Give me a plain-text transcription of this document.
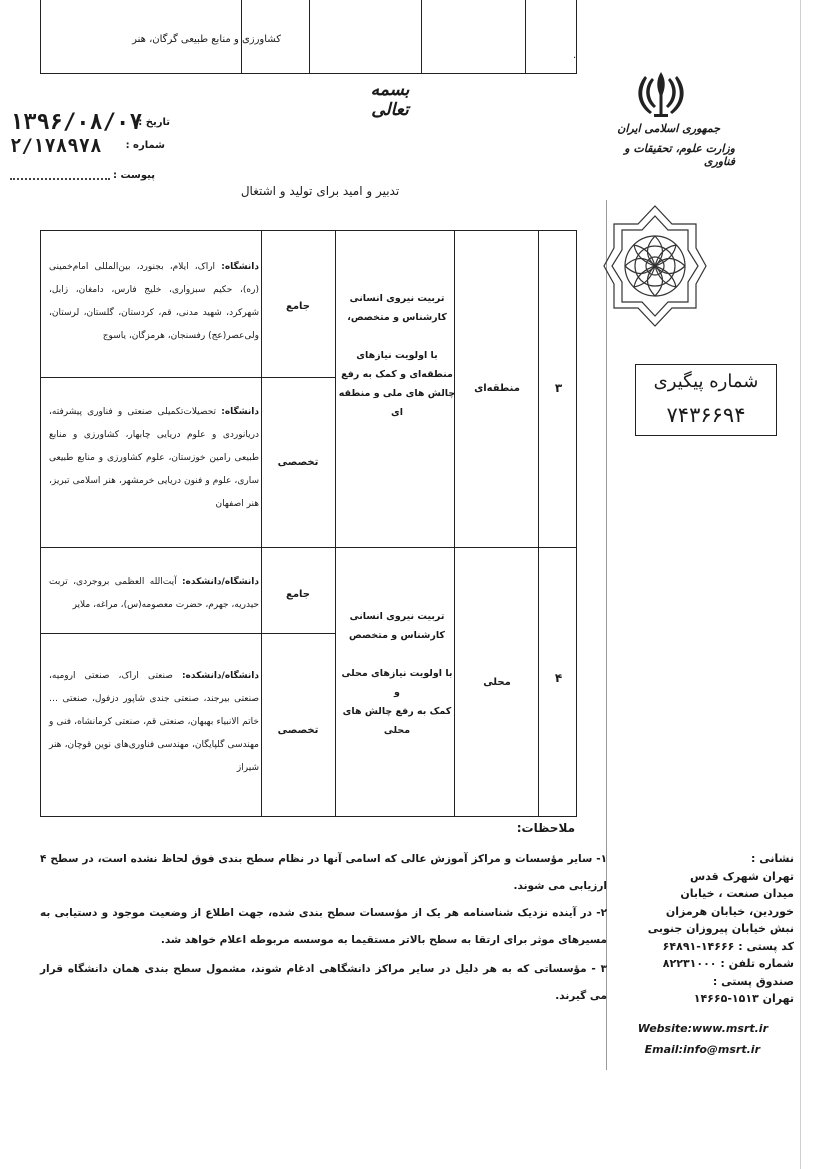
کشاورزی و منابع طبیعی گرگان، هنر
.
بسمه تعالی
جمهوری اسلامی ایران
وزارت علوم، تحقیقات و فناوری
تاریخ :
۱۳۹۶/۰۸/۰۷
شماره :
۲/۱۷۸۹۷۸
پیوست :
تدبیر و امید برای تولید و اشتغال
شماره پیگیری
۷۴۳۶۶۹۴
۳
منطقه‌ای
تربیت نیروی انسانی
کارشناس و متخصص،
با اولویت نیازهای
منطقه‌ای و کمک به رفع
چالش های ملی و منطقه
ای
جامع
دانشگاه: اراک، ایلام، بجنورد، بین‌المللی امام‌خمینی (ره)، حکیم سبزواری، خلیج فارس، دامغان، زابل، شهرکرد، شهید مدنی، قم، کردستان، گلستان، لرستان، ولی‌عصر(عج) رفسنجان، هرمزگان، یاسوج
تخصصی
دانشگاه: تحصیلات‌تکمیلی صنعتی و فناوری پیشرفته، دریانوردی و علوم دریایی چابهار، کشاورزی و منابع طبیعی رامین خوزستان، علوم کشاورزی و منابع طبیعی ساری، علوم و فنون دریایی خرمشهر، هنر اسلامی تبریز، هنر اصفهان
۴
محلی
تربیت نیروی انسانی
کارشناس و متخصص
با اولویت نیازهای محلی و
کمک به رفع چالش های
محلی
جامع
دانشگاه/دانشکده: آیت‌الله العظمی بروجردی، تربت حیدریه، جهرم، حضرت معصومه(س)، مراغه، ملایر
تخصصی
دانشگاه/دانشکده: صنعتی اراک، صنعتی ارومیه، صنعتی بیرجند، صنعتی جندی شاپور دزفول، صنعتی … خاتم الانبیاء بهبهان، صنعتی قم، صنعتی کرمانشاه، فنی و مهندسی گلپایگان، مهندسی فناوری‌های نوین قوچان، هنر شیراز
ملاحظات:
۱- سایر مؤسسات و مراکز آموزش عالی که اسامی آنها در نظام سطح بندی فوق لحاظ نشده است، در سطح ۴ ارزیابی می شوند.
۲- در آینده نزدیک شناسنامه هر یک از مؤسسات سطح بندی شده، جهت اطلاع از وضعیت موجود و دستیابی به مسیرهای موثر برای ارتقا به سطح بالاتر مستقیما به موسسه مربوطه اعلام خواهد شد.
۳ - مؤسساتی که به هر دلیل در سایر مراکز دانشگاهی ادغام شوند، مشمول سطح بندی همان دانشگاه قرار می گیرند.
نشانی :
تهران شهرک قدس
میدان صنعت ، خیابان
خوردین، خیابان هرمزان
نبش خیابان پیروزان جنوبی
کد پستی : ۱۴۶۶۶-۶۴۸۹۱
شماره تلفن : ۸۲۲۳۱۰۰۰
صندوق پستی :
تهران ۱۵۱۳-۱۴۶۶۵
Website:www.msrt.ir
Email:info@msrt.ir
